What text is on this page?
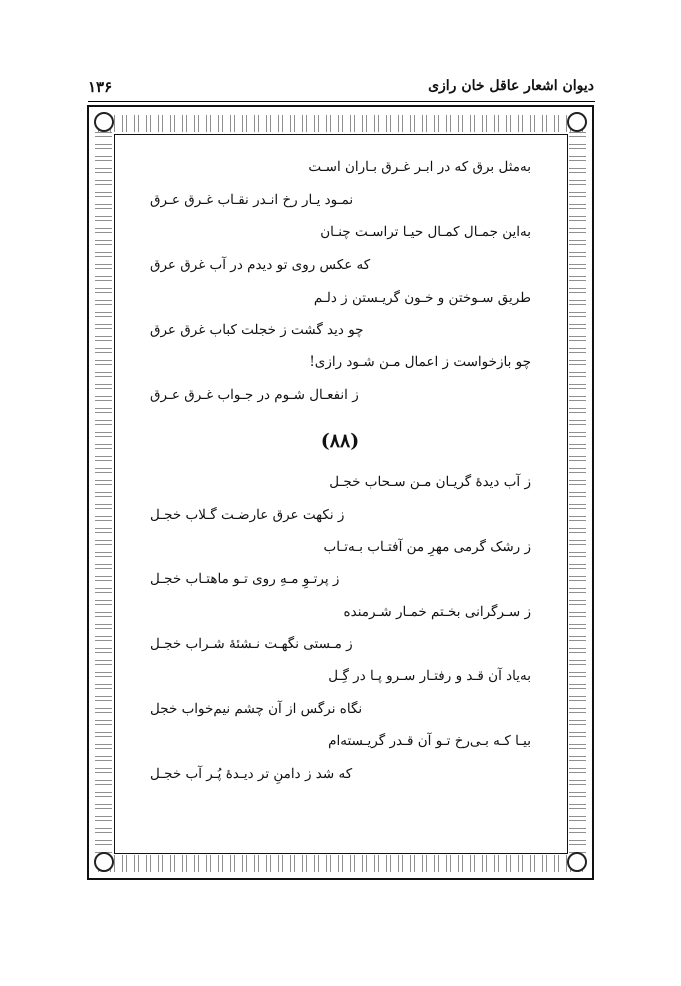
دیوان اشعار عاقل خان رازی
۱۳۶
به‌مثل برق که در ابـر غـرق بـاران اسـت
نمـود یـار رخ انـدر نقـاب غـرق عـرق
به‌این جمـال کمـال حیـا تراسـت چنـان
که عکس روی تو دیدم در آب غرق عرق
طریق سـوختن و خـون گریـستن ز دلـم
چو دید گشت ز خجلت کباب غرق عرق
چو بازخواست ز اعمال مـن شـود رازی!
ز انفعـال شـوم در جـواب غـرق عـرق
ز آب دیدهٔ گریـان مـن سـحاب خجـل
ز نکهت عرق عارضـت گـلاب خجـل
ز رشک گرمی مهرِ من آفتـاب بـه‌تـاب
ز پرتـوِ مـهِ روی تـو ماهتـاب خجـل
ز سـرگرانی بخـتم خمـار شـرمنده
ز مـستی نگهـت نـشئهٔ شـراب خجـل
به‌یاد آن قـد و رفتـار سـرو پـا در گِـل
نگاه نرگس از آن چشم نیم‌خواب خجل
بیـا کـه بـی‌رخ تـو آن قـدر گریـسته‌ام
که شد ز دامنِ تر دیـدهٔ پُـر آب خجـل
(۸۸)
